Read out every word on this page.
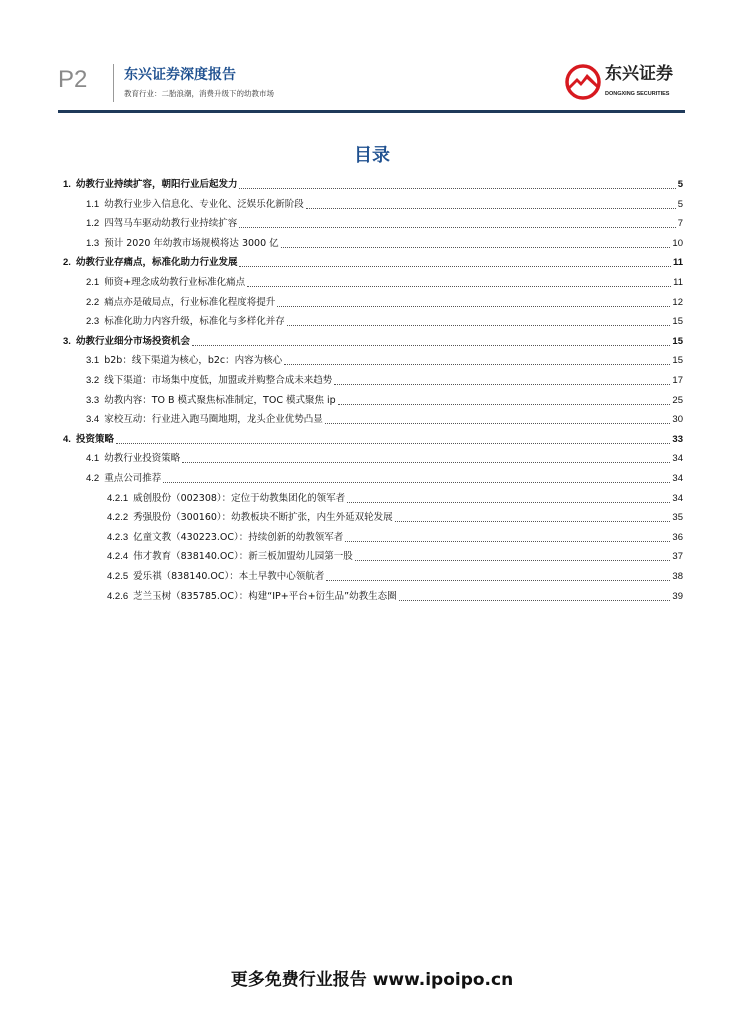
P2	东兴证券深度报告
教育行业：二胎浪潮，消费升级下的幼教市场
东兴证券
DONGXING SECURITIES
目录
1. 幼教行业持续扩容，朝阳行业后起发力	5
1.1 幼教行业步入信息化、专业化、泛娱乐化新阶段	5
1.2 四驾马车驱动幼教行业持续扩容	7
1.3 预计 2020 年幼教市场规模将达 3000 亿	10
2. 幼教行业存痛点，标准化助力行业发展	11
2.1 师资+理念成幼教行业标准化痛点	11
2.2 痛点亦是破局点，行业标准化程度将提升	12
2.3 标准化助力内容升级，标准化与多样化并存	15
3. 幼教行业细分市场投资机会	15
3.1 b2b：线下渠道为核心，b2c：内容为核心	15
3.2 线下渠道：市场集中度低，加盟或并购整合成未来趋势	17
3.3 幼教内容：TO B 模式聚焦标准制定，TOC 模式聚焦 ip	25
3.4 家校互动：行业进入跑马圈地期，龙头企业优势凸显	30
4. 投资策略	33
4.1 幼教行业投资策略	34
4.2 重点公司推荐	34
4.2.1 威创股份（002308）：定位于幼教集团化的领军者	34
4.2.2 秀强股份（300160）：幼教板块不断扩张，内生外延双轮发展	35
4.2.3 亿童文教（430223.OC）：持续创新的幼教领军者	36
4.2.4 伟才教育（838140.OC）：新三板加盟幼儿园第一股	37
4.2.5 爱乐祺（838140.OC）：本土早教中心领航者	38
4.2.6 芝兰玉树（835785.OC）：构建“IP+平台+衍生品”幼教生态圈	39
更多免费行业报告 www.ipoipo.cn
